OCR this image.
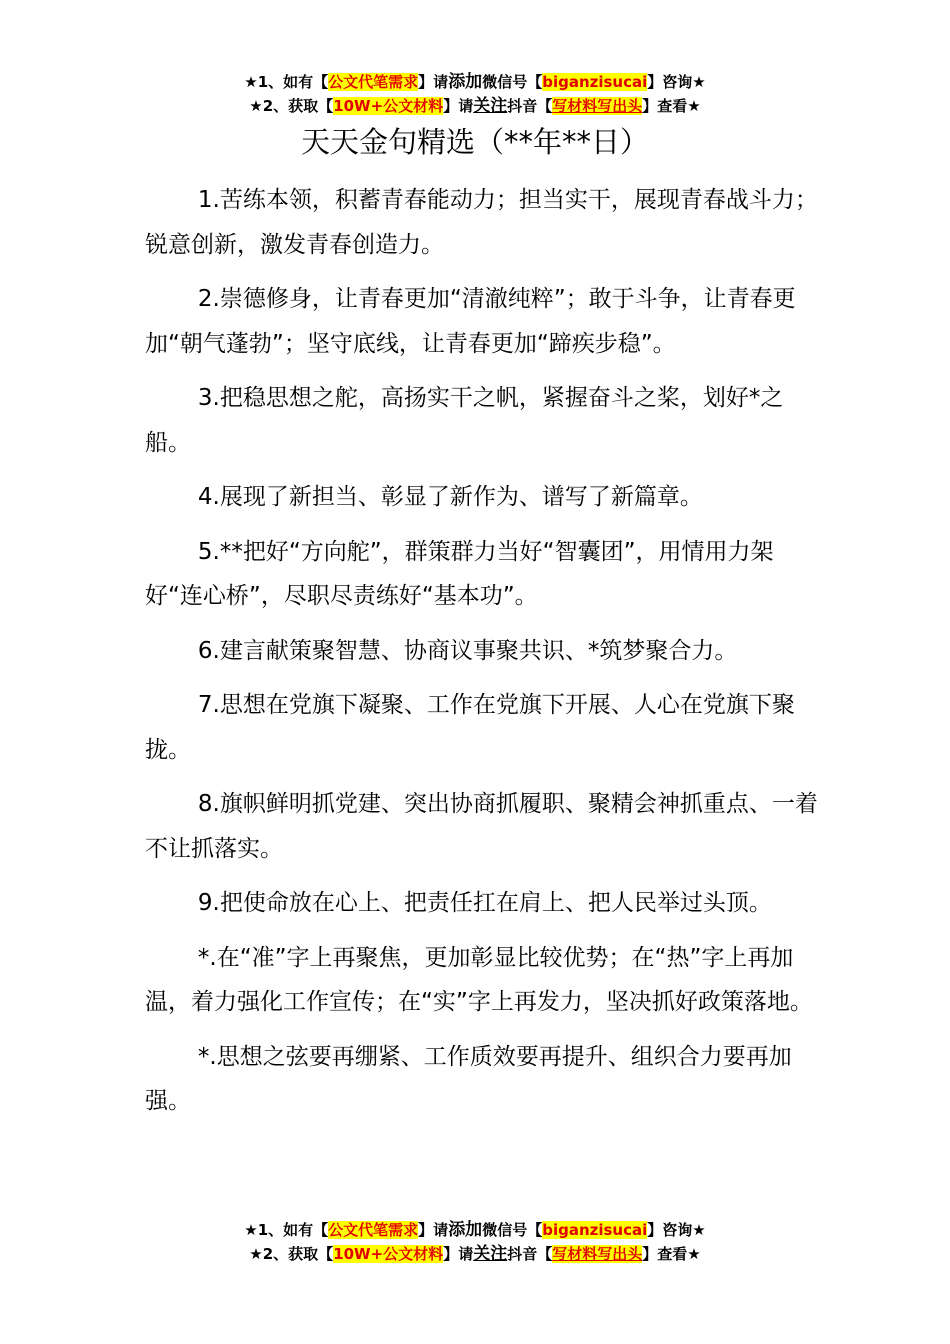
★1、如有【公文代笔需求】请添加微信号【biganzisucai】咨询★
★2、获取【10W+公文材料】请关注抖音【写材料写出头】查看★
天天金句精选（**年**日）

1.苦练本领，积蓄青春能动力；担当实干，展现青春战斗力；锐意创新，激发青春创造力。

2.崇德修身，让青春更加“清澈纯粹”；敢于斗争，让青春更加“朝气蓬勃”；坚守底线，让青春更加“蹄疾步稳”。

3.把稳思想之舵，高扬实干之帆，紧握奋斗之桨，划好*之船。

4.展现了新担当、彰显了新作为、谱写了新篇章。

5.**把好“方向舵”，群策群力当好“智囊团”，用情用力架好“连心桥”，尽职尽责练好“基本功”。

6.建言献策聚智慧、协商议事聚共识、*筑梦聚合力。

7.思想在党旗下凝聚、工作在党旗下开展、人心在党旗下聚拢。

8.旗帜鲜明抓党建、突出协商抓履职、聚精会神抓重点、一着不让抓落实。

9.把使命放在心上、把责任扛在肩上、把人民举过头顶。

*.在“准”字上再聚焦，更加彰显比较优势；在“热”字上再加温，着力强化工作宣传；在“实”字上再发力，坚决抓好政策落地。

*.思想之弦要再绷紧、工作质效要再提升、组织合力要再加强。

★1、如有【公文代笔需求】请添加微信号【biganzisucai】咨询★
★2、获取【10W+公文材料】请关注抖音【写材料写出头】查看★
